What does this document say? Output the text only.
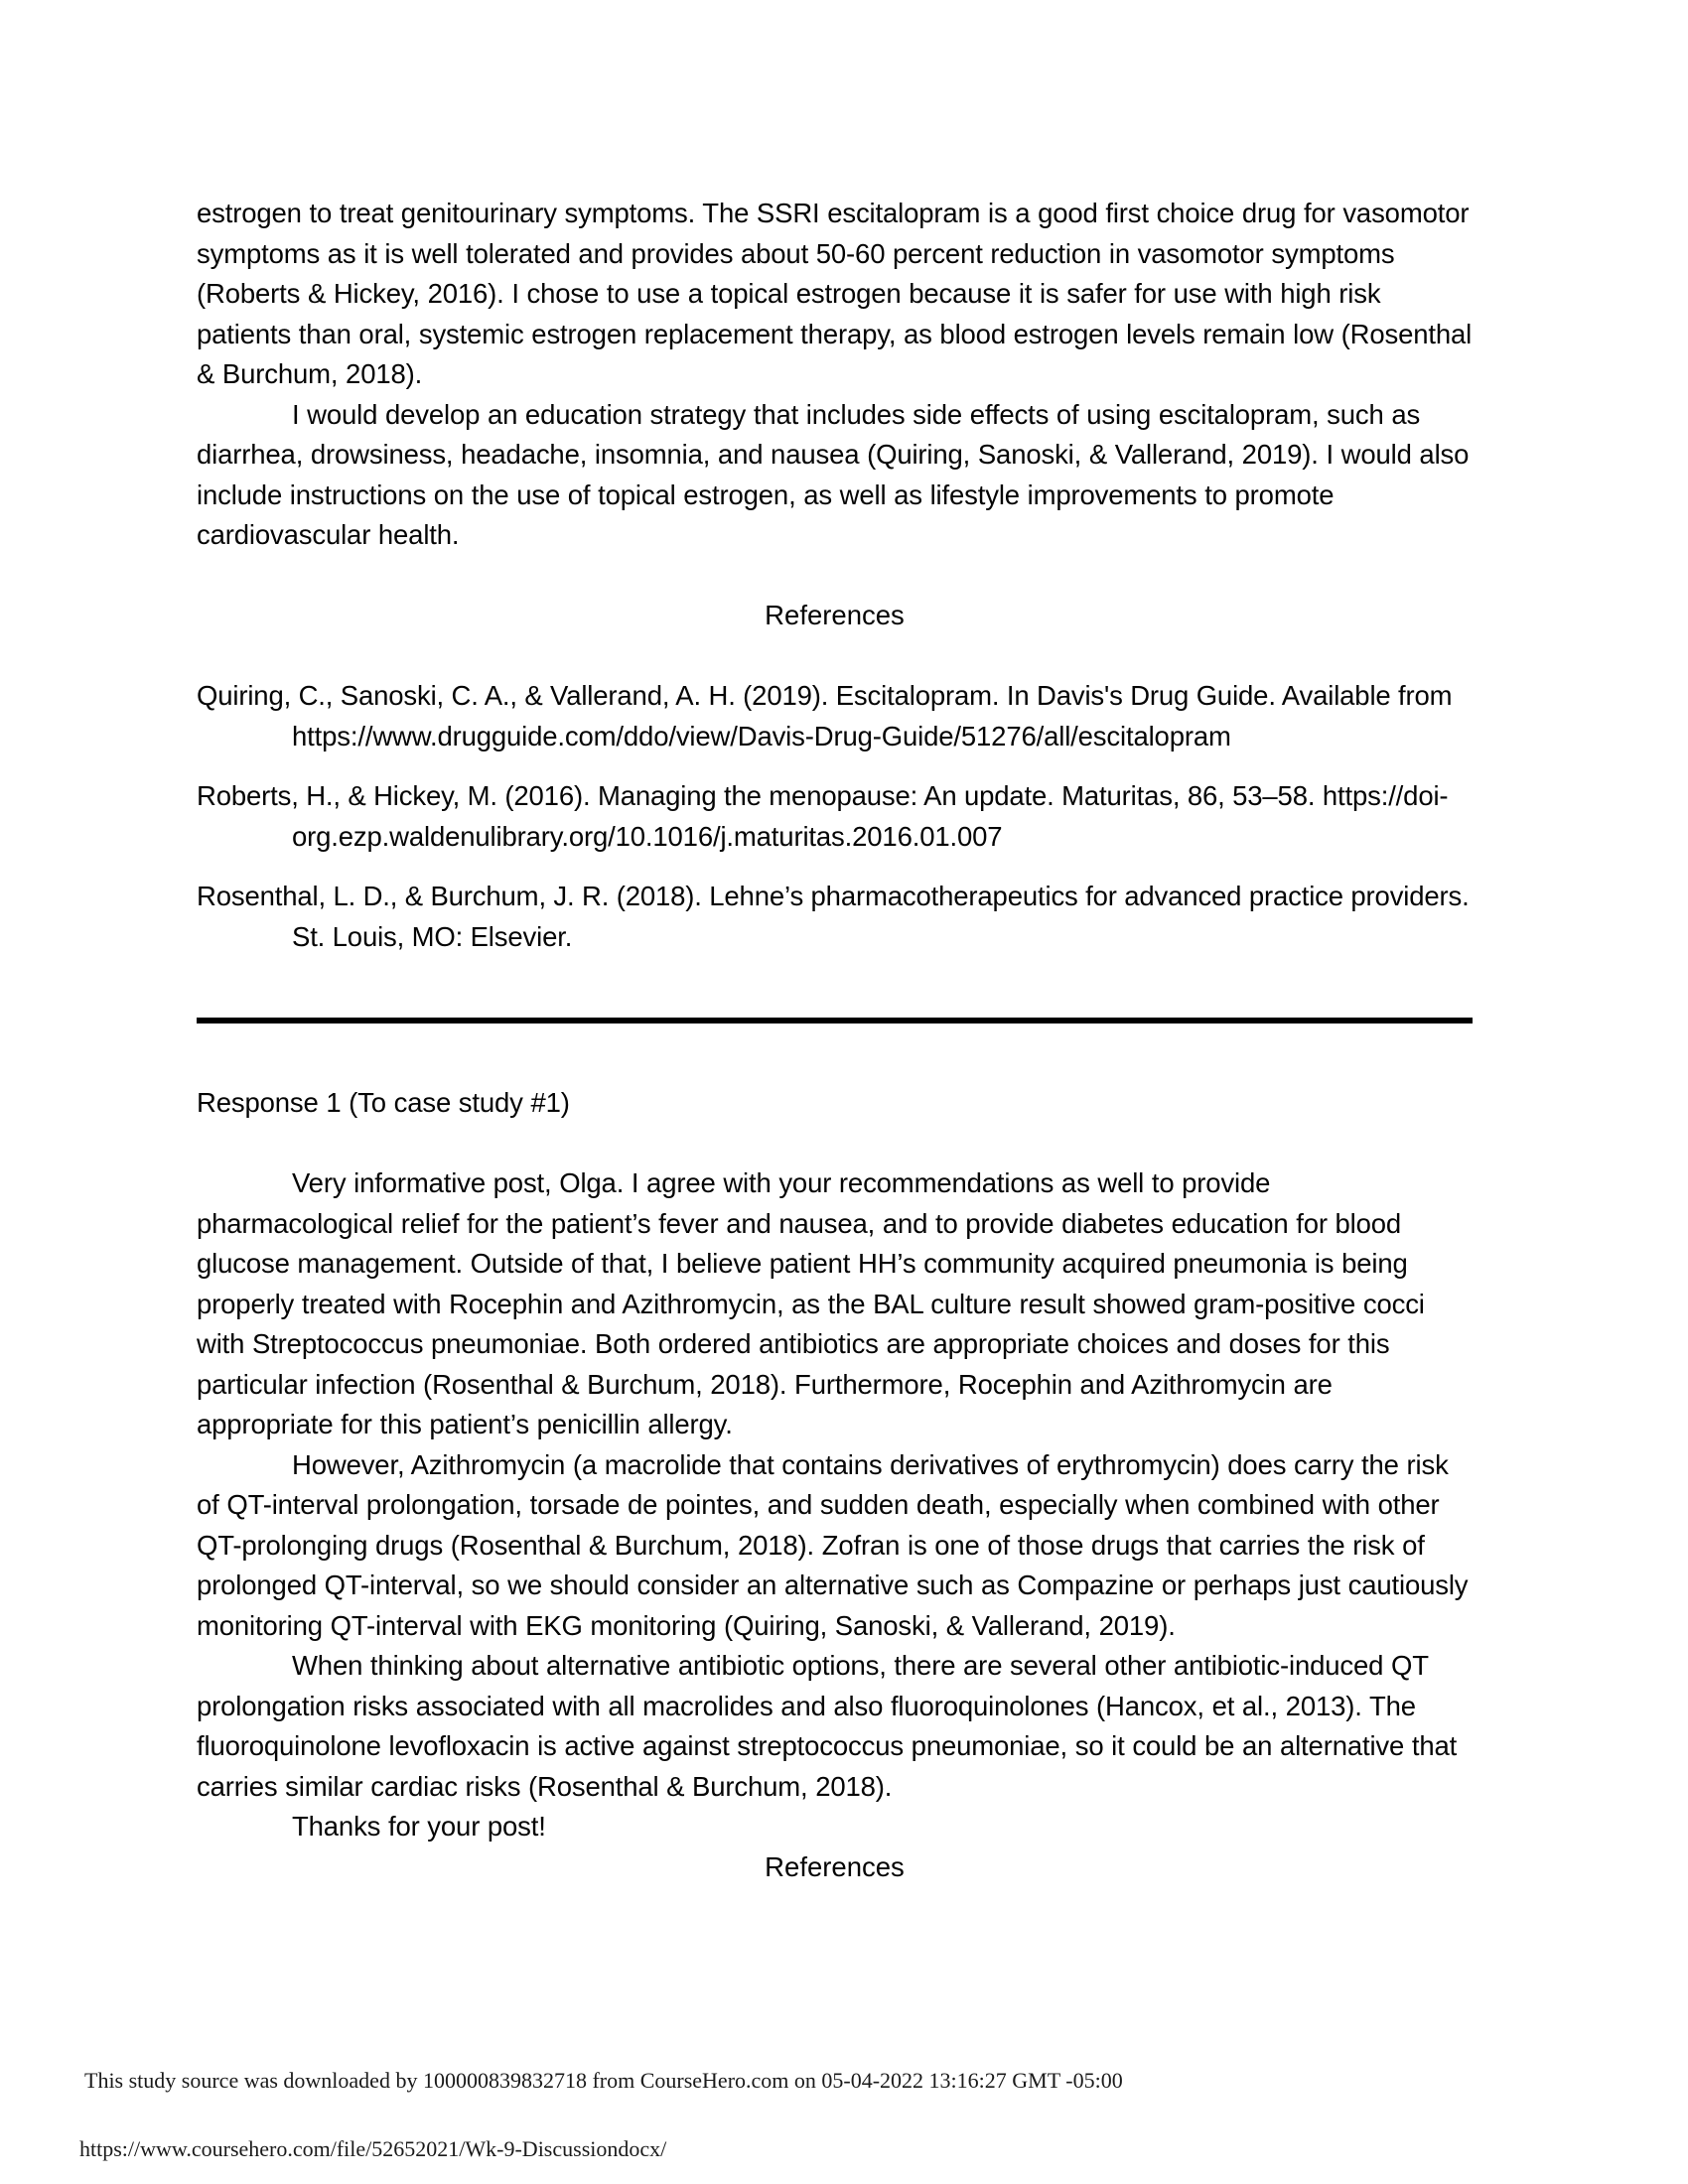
estrogen to treat genitourinary symptoms. The SSRI escitalopram is a good first choice drug for vasomotor symptoms as it is well tolerated and provides about 50-60 percent reduction in vasomotor symptoms (Roberts & Hickey, 2016). I chose to use a topical estrogen because it is safer for use with high risk patients than oral, systemic estrogen replacement therapy, as blood estrogen levels remain low (Rosenthal & Burchum, 2018).

I would develop an education strategy that includes side effects of using escitalopram, such as diarrhea, drowsiness, headache, insomnia, and nausea (Quiring, Sanoski, & Vallerand, 2019). I would also include instructions on the use of topical estrogen, as well as lifestyle improvements to promote cardiovascular health.

References

Quiring, C., Sanoski, C. A., & Vallerand, A. H. (2019). Escitalopram. In Davis's Drug Guide. Available from https://www.drugguide.com/ddo/view/Davis-Drug-Guide/51276/all/escitalopram

Roberts, H., & Hickey, M. (2016). Managing the menopause: An update. Maturitas, 86, 53–58. https://doi-org.ezp.waldenulibrary.org/10.1016/j.maturitas.2016.01.007

Rosenthal, L. D., & Burchum, J. R. (2018). Lehne’s pharmacotherapeutics for advanced practice providers. St. Louis, MO: Elsevier.

Response 1 (To case study #1)

Very informative post, Olga. I agree with your recommendations as well to provide pharmacological relief for the patient’s fever and nausea, and to provide diabetes education for blood glucose management. Outside of that, I believe patient HH’s community acquired pneumonia is being properly treated with Rocephin and Azithromycin, as the BAL culture result showed gram-positive cocci with Streptococcus pneumoniae. Both ordered antibiotics are appropriate choices and doses for this particular infection (Rosenthal & Burchum, 2018). Furthermore, Rocephin and Azithromycin are appropriate for this patient’s penicillin allergy.

However, Azithromycin (a macrolide that contains derivatives of erythromycin) does carry the risk of QT-interval prolongation, torsade de pointes, and sudden death, especially when combined with other QT-prolonging drugs (Rosenthal & Burchum, 2018). Zofran is one of those drugs that carries the risk of prolonged QT-interval, so we should consider an alternative such as Compazine or perhaps just cautiously monitoring QT-interval with EKG monitoring (Quiring, Sanoski, & Vallerand, 2019).

When thinking about alternative antibiotic options, there are several other antibiotic-induced QT prolongation risks associated with all macrolides and also fluoroquinolones (Hancox, et al., 2013). The fluoroquinolone levofloxacin is active against streptococcus pneumoniae, so it could be an alternative that carries similar cardiac risks (Rosenthal & Burchum, 2018).

Thanks for your post!

References

This study source was downloaded by 100000839832718 from CourseHero.com on 05-04-2022 13:16:27 GMT -05:00
https://www.coursehero.com/file/52652021/Wk-9-Discussiondocx/
